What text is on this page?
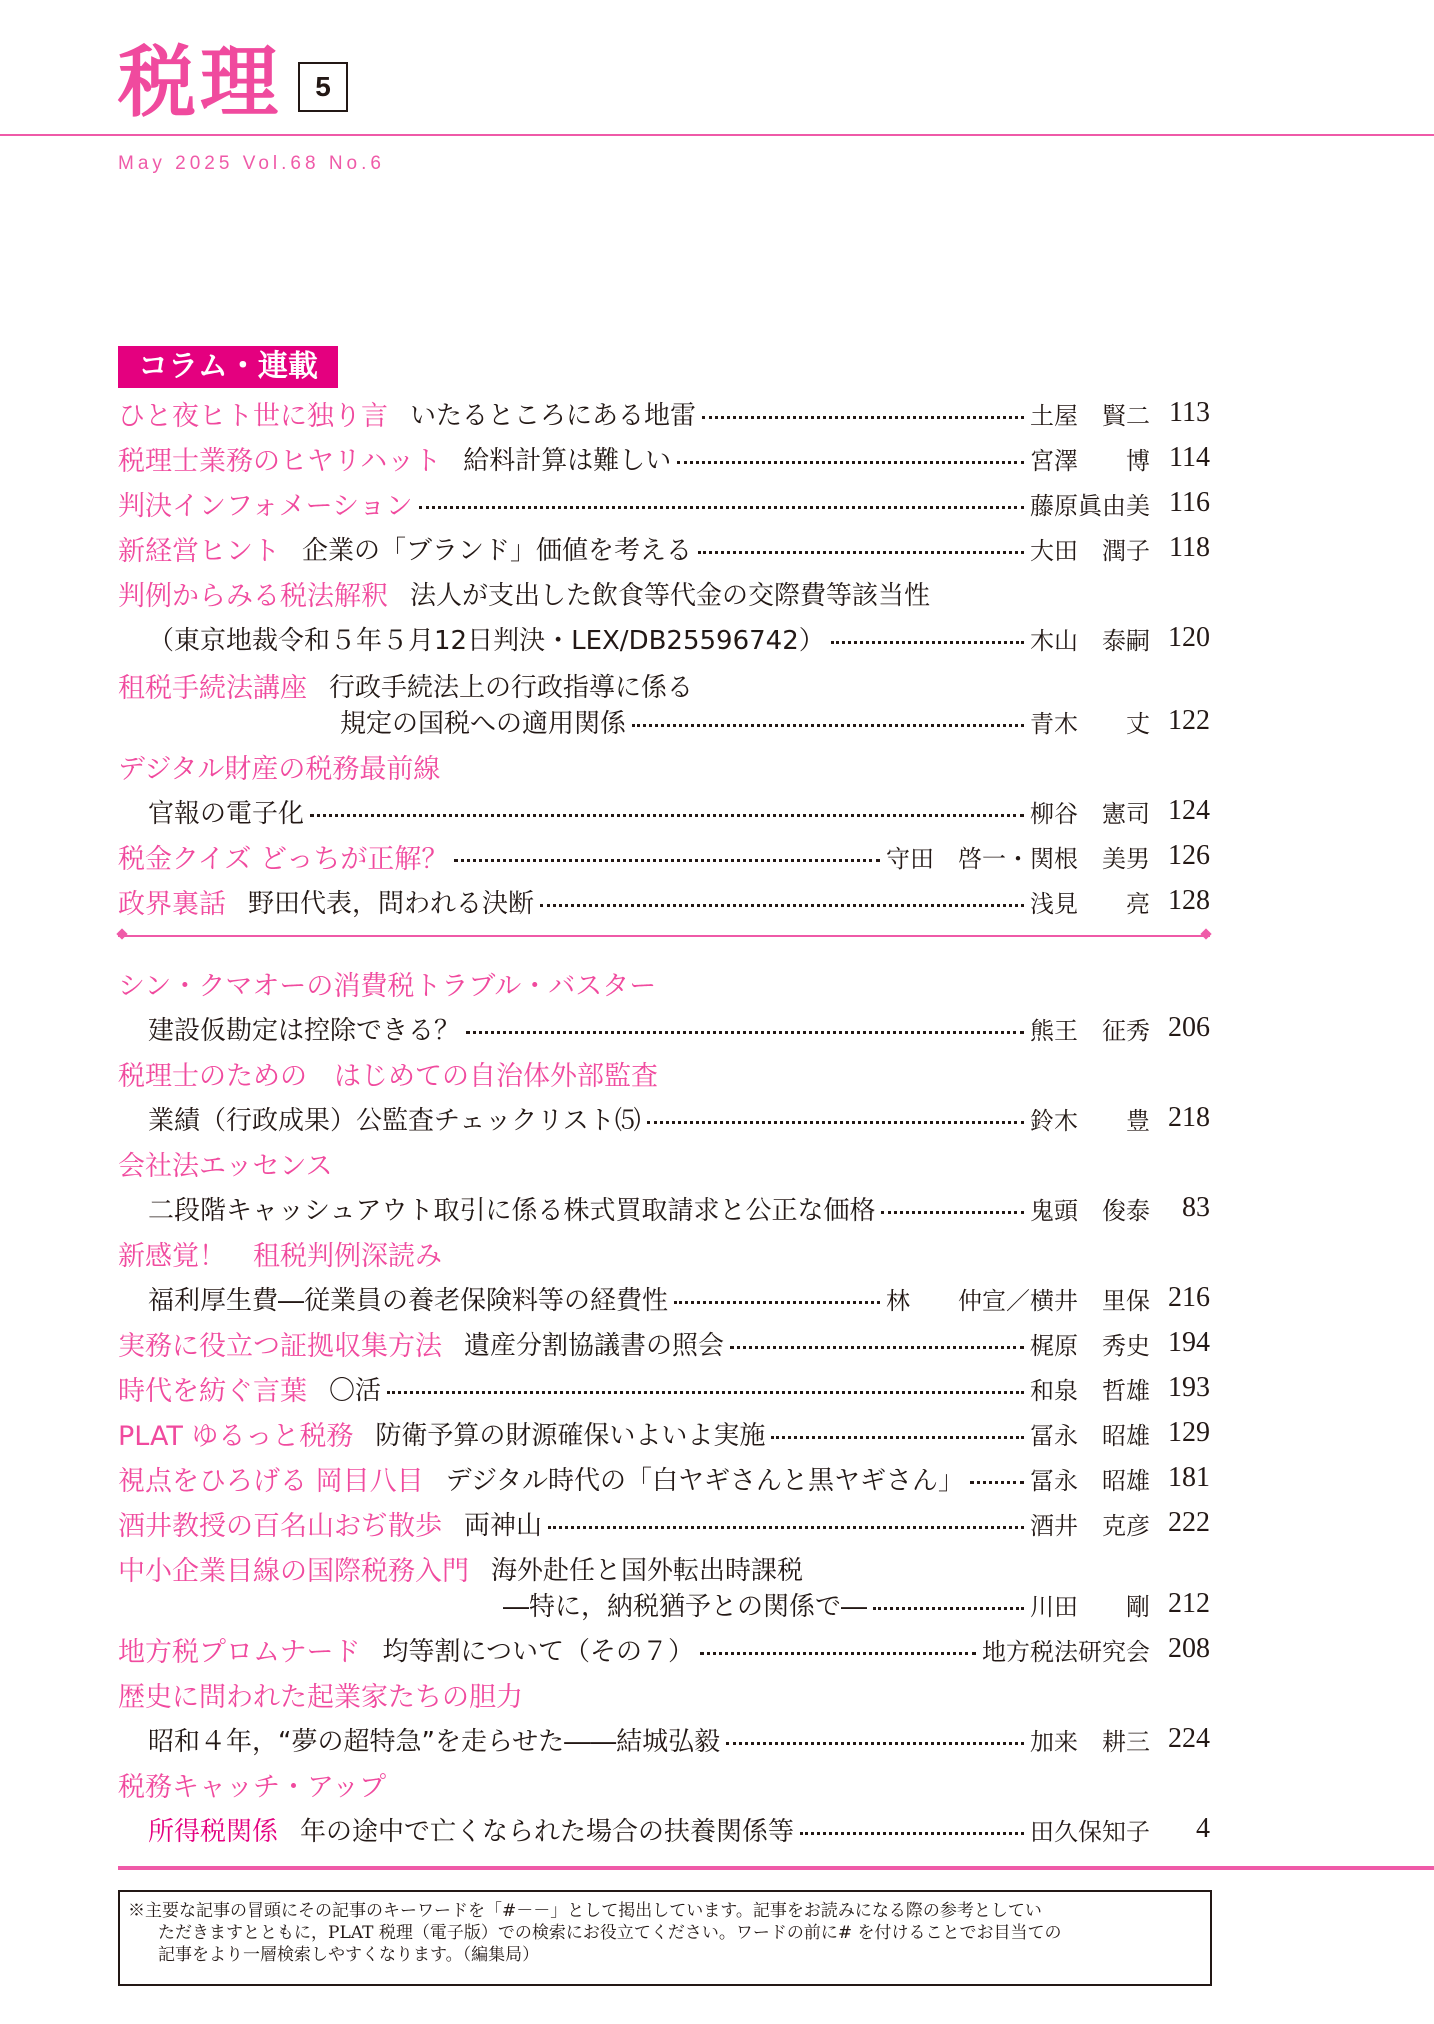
税理	5
May 2025 Vol.68 No.6
コラム・連載
ひと夜ヒト世に独り言 いたるところにある地雷	土屋　賢二 113
税理士業務のヒヤリハット 給料計算は難しい	宮澤　　博 114
判決インフォメーション	藤原眞由美 116
新経営ヒント 企業の「ブランド」価値を考える	大田　潤子 118
判例からみる税法解釈 法人が支出した飲食等代金の交際費等該当性
（東京地裁令和５年５月12日判決・LEX/DB25596742）	木山　泰嗣 120
租税手続法講座 行政手続法上の行政指導に係る
規定の国税への適用関係	青木　　丈 122
デジタル財産の税務最前線
官報の電子化	柳谷　憲司 124
税金クイズ どっちが正解？	守田　啓一・関根　美男 126
政界裏話 野田代表，問われる決断	浅見　　亮 128
シン・クマオーの消費税トラブル・バスター
建設仮勘定は控除できる？	熊王　征秀 206
税理士のための　はじめての自治体外部監査
業績（行政成果）公監査チェックリスト⑸	鈴木　　豊 218
会社法エッセンス
二段階キャッシュアウト取引に係る株式買取請求と公正な価格	鬼頭　俊泰	83
新感覚！　租税判例深読み
福利厚生費―従業員の養老保険料等の経費性	林　　仲宣／横井　里保 216
実務に役立つ証拠収集方法 遺産分割協議書の照会	梶原　秀史 194
時代を紡ぐ言葉 〇活	和泉　哲雄 193
PLAT ゆるっと税務 防衛予算の財源確保いよいよ実施	冨永　昭雄 129
視点をひろげる 岡目八目 デジタル時代の「白ヤギさんと黒ヤギさん」	冨永　昭雄 181
酒井教授の百名山おぢ散歩 両神山	酒井　克彦 222
中小企業目線の国際税務入門 海外赴任と国外転出時課税
―特に，納税猶予との関係で―	川田　　剛 212
地方税プロムナード 均等割について（その７）	地方税法研究会 208
歴史に問われた起業家たちの胆力
昭和４年，“夢の超特急”を走らせた――結城弘毅	加来　耕三 224
税務キャッチ・アップ
所得税関係 年の途中で亡くなられた場合の扶養関係等	田久保知子	4
※主要な記事の冒頭にその記事のキーワードを「#－－」として掲出しています。記事をお読みになる際の参考としてい
ただきますとともに，PLAT 税理（電子版）での検索にお役立てください。ワードの前に# を付けることでお目当ての
記事をより一層検索しやすくなります。（編集局）
